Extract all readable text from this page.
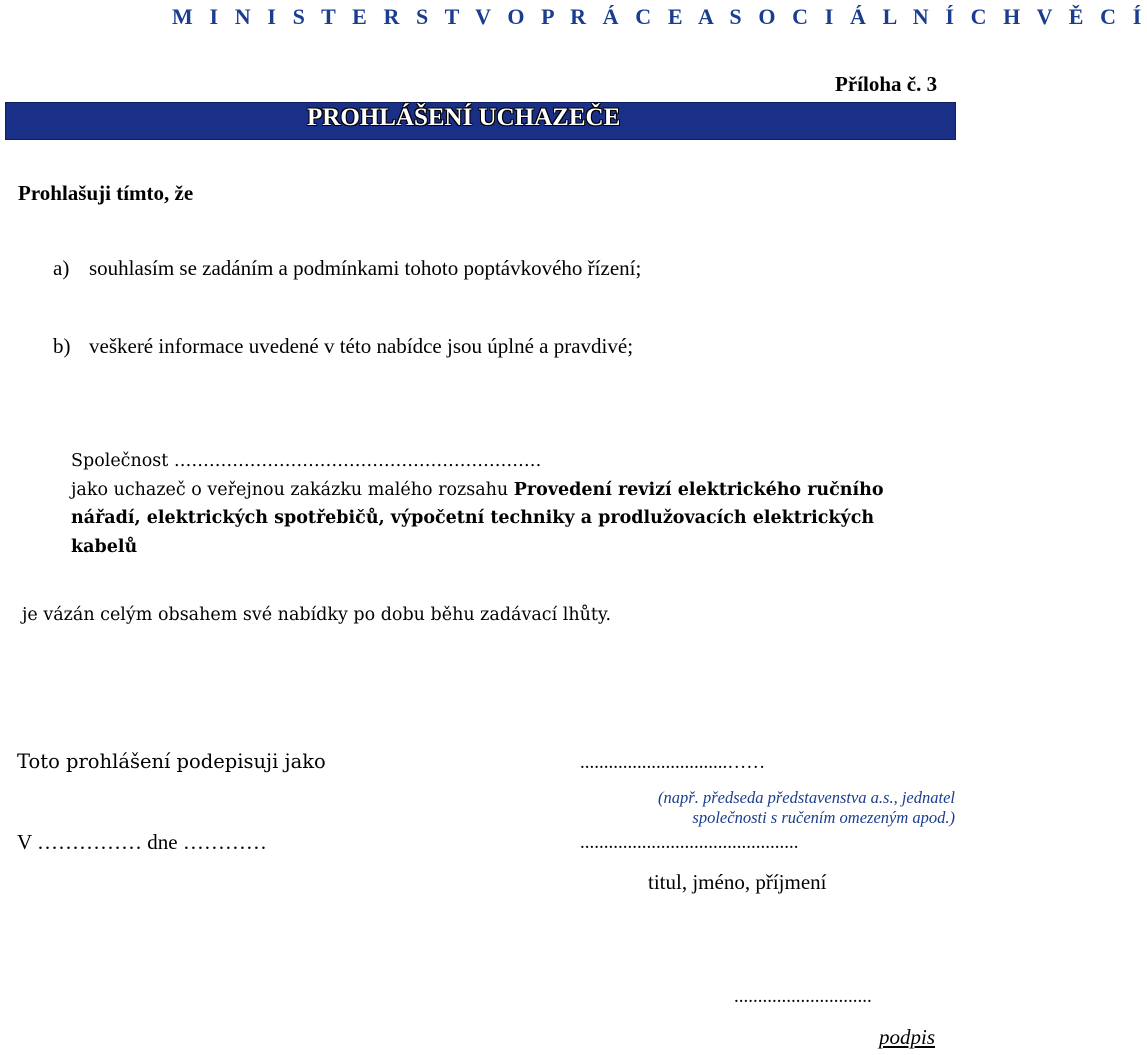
M I N I S T E R S T V O P R Á C E A S O C I Á L N Í C H V Ě C Í
Příloha č. 3
PROHLÁŠENÍ UCHAZEČE
Prohlašuji tímto, že
a) souhlasím se zadáním a podmínkami tohoto poptávkového řízení;
b) veškeré informace uvedené v této nabídce jsou úplné a pravdivé;
Společnost ………………………………………………………
jako uchazeč o veřejnou zakázku malého rozsahu Provedení revizí elektrického ručního nářadí, elektrických spotřebičů, výpočetní techniky a prodlužovacích elektrických kabelů
je vázán celým obsahem své nabídky po dobu běhu zadávací lhůty.
Toto prohlášení podepisuji jako	...............................……
(např. předseda představenstva a.s., jednatel společnosti s ručením omezeným apod.)
V …………… dne …………	..............................................
titul, jméno, příjmení
.............................
podpis
